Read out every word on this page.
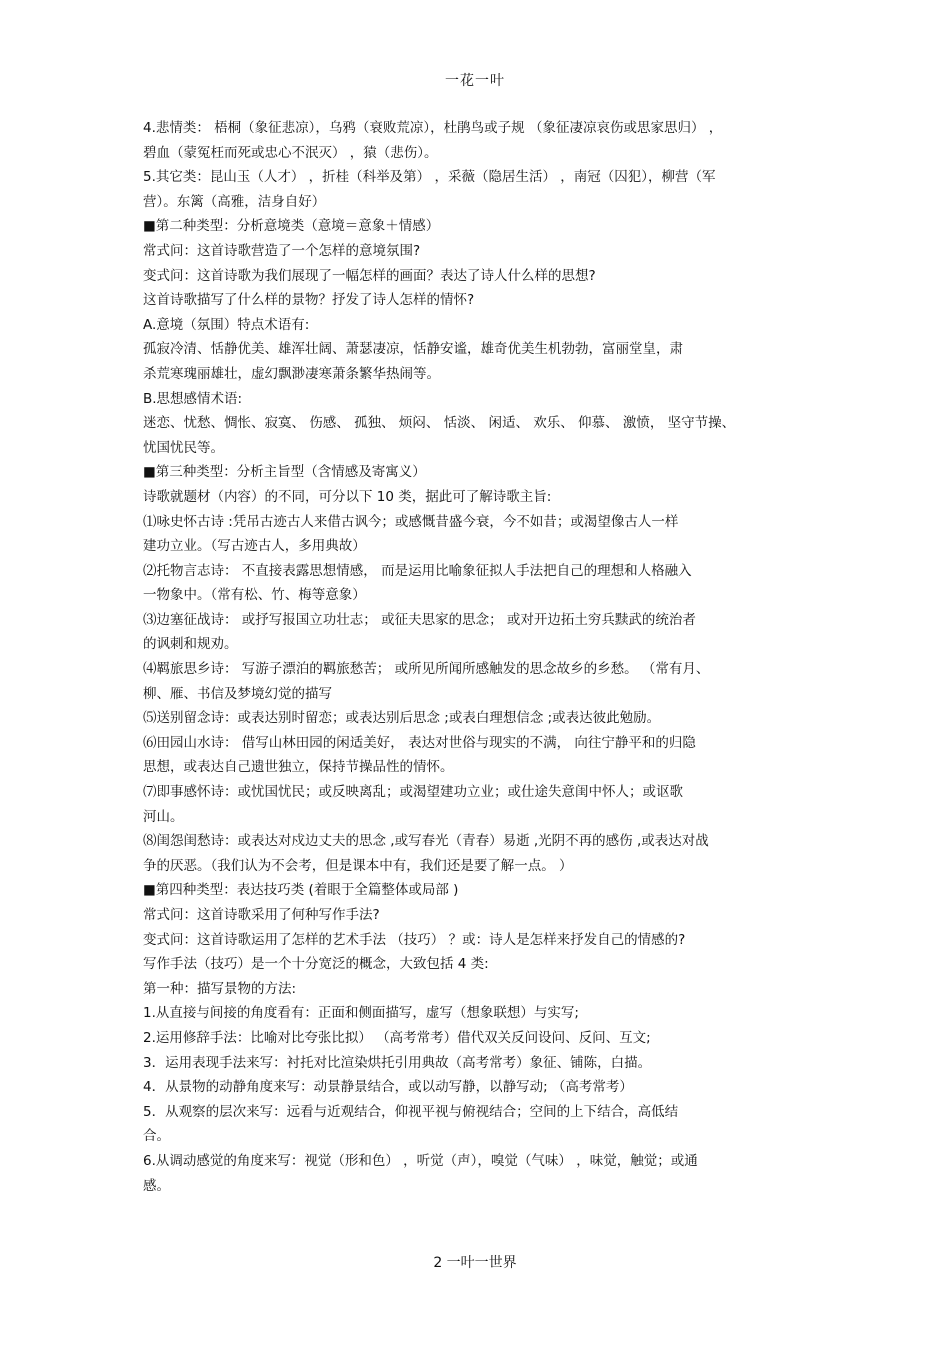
一花一叶
4.悲情类： 梧桐（象征悲凉），乌鸦（衰败荒凉），杜鹃鸟或子规 （象征凄凉哀伤或思家思归） ，
碧血（蒙冤枉而死或忠心不泯灭） ，猿（悲伤）。
5.其它类：昆山玉（人才） ，折桂（科举及第） ，采薇（隐居生活） ，南冠（囚犯），柳营（军
营）。东篱（高雅，洁身自好）
■第二种类型：分析意境类（意境＝意象＋情感）
常式问：这首诗歌营造了一个怎样的意境氛围?
变式问：这首诗歌为我们展现了一幅怎样的画面？表达了诗人什么样的思想?
这首诗歌描写了什么样的景物？抒发了诗人怎样的情怀?
A.意境（氛围）特点术语有:
孤寂冷清、恬静优美、雄浑壮阔、萧瑟凄凉，恬静安谧，雄奇优美生机勃勃，富丽堂皇，肃
杀荒寒瑰丽雄壮，虚幻飘渺凄寒萧条繁华热闹等。
B.思想感情术语:
迷恋、忧愁、惆怅、寂寞、 伤感、 孤独、 烦闷、 恬淡、 闲适、 欢乐、 仰慕、 激愤， 坚守节操、
忧国忧民等。
■第三种类型：分析主旨型（含情感及寄寓义）
诗歌就题材（内容）的不同，可分以下 10 类，据此可了解诗歌主旨:
⑴咏史怀古诗 :凭吊古迹古人来借古讽今；或感慨昔盛今衰，今不如昔；或渴望像古人一样
建功立业。（写古迹古人，多用典故）
⑵托物言志诗： 不直接表露思想情感， 而是运用比喻象征拟人手法把自己的理想和人格融入
一物象中。（常有松、竹、梅等意象）
⑶边塞征战诗： 或抒写报国立功壮志； 或征夫思家的思念； 或对开边拓土穷兵黩武的统治者
的讽刺和规劝。
⑷羁旅思乡诗： 写游子漂泊的羁旅愁苦； 或所见所闻所感触发的思念故乡的乡愁。 （常有月、
柳、雁、书信及梦境幻觉的描写
⑸送别留念诗：或表达别时留恋；或表达别后思念 ;或表白理想信念 ;或表达彼此勉励。
⑹田园山水诗： 借写山林田园的闲适美好， 表达对世俗与现实的不满， 向往宁静平和的归隐
思想，或表达自己遗世独立，保持节操品性的情怀。
⑺即事感怀诗：或忧国忧民；或反映离乱；或渴望建功立业；或仕途失意闺中怀人；或讴歌
河山。
⑻闺怨闺愁诗：或表达对戍边丈夫的思念 ,或写春光（青春）易逝 ,光阴不再的感伤 ,或表达对战
争的厌恶。（我们认为不会考，但是课本中有，我们还是要了解一点。 ）
■第四种类型：表达技巧类 (着眼于全篇整体或局部 )
常式问：这首诗歌采用了何种写作手法?
变式问：这首诗歌运用了怎样的艺术手法 （技巧） ？或：诗人是怎样来抒发自己的情感的?
写作手法（技巧）是一个十分宽泛的概念，大致包括 4 类:
第一种：描写景物的方法:
1.从直接与间接的角度看有：正面和侧面描写，虚写（想象联想）与实写;
2.运用修辞手法：比喻对比夸张比拟） （高考常考）借代双关反问设问、反问、互文;
3．运用表现手法来写：衬托对比渲染烘托引用典故（高考常考）象征、铺陈，白描。
4．从景物的动静角度来写：动景静景结合，或以动写静，以静写动; （高考常考）
5．从观察的层次来写：远看与近观结合，仰视平视与俯视结合；空间的上下结合，高低结
合。
6.从调动感觉的角度来写：视觉（形和色） ，听觉（声），嗅觉（气味） ，味觉，触觉；或通
感。
2 一叶一世界
